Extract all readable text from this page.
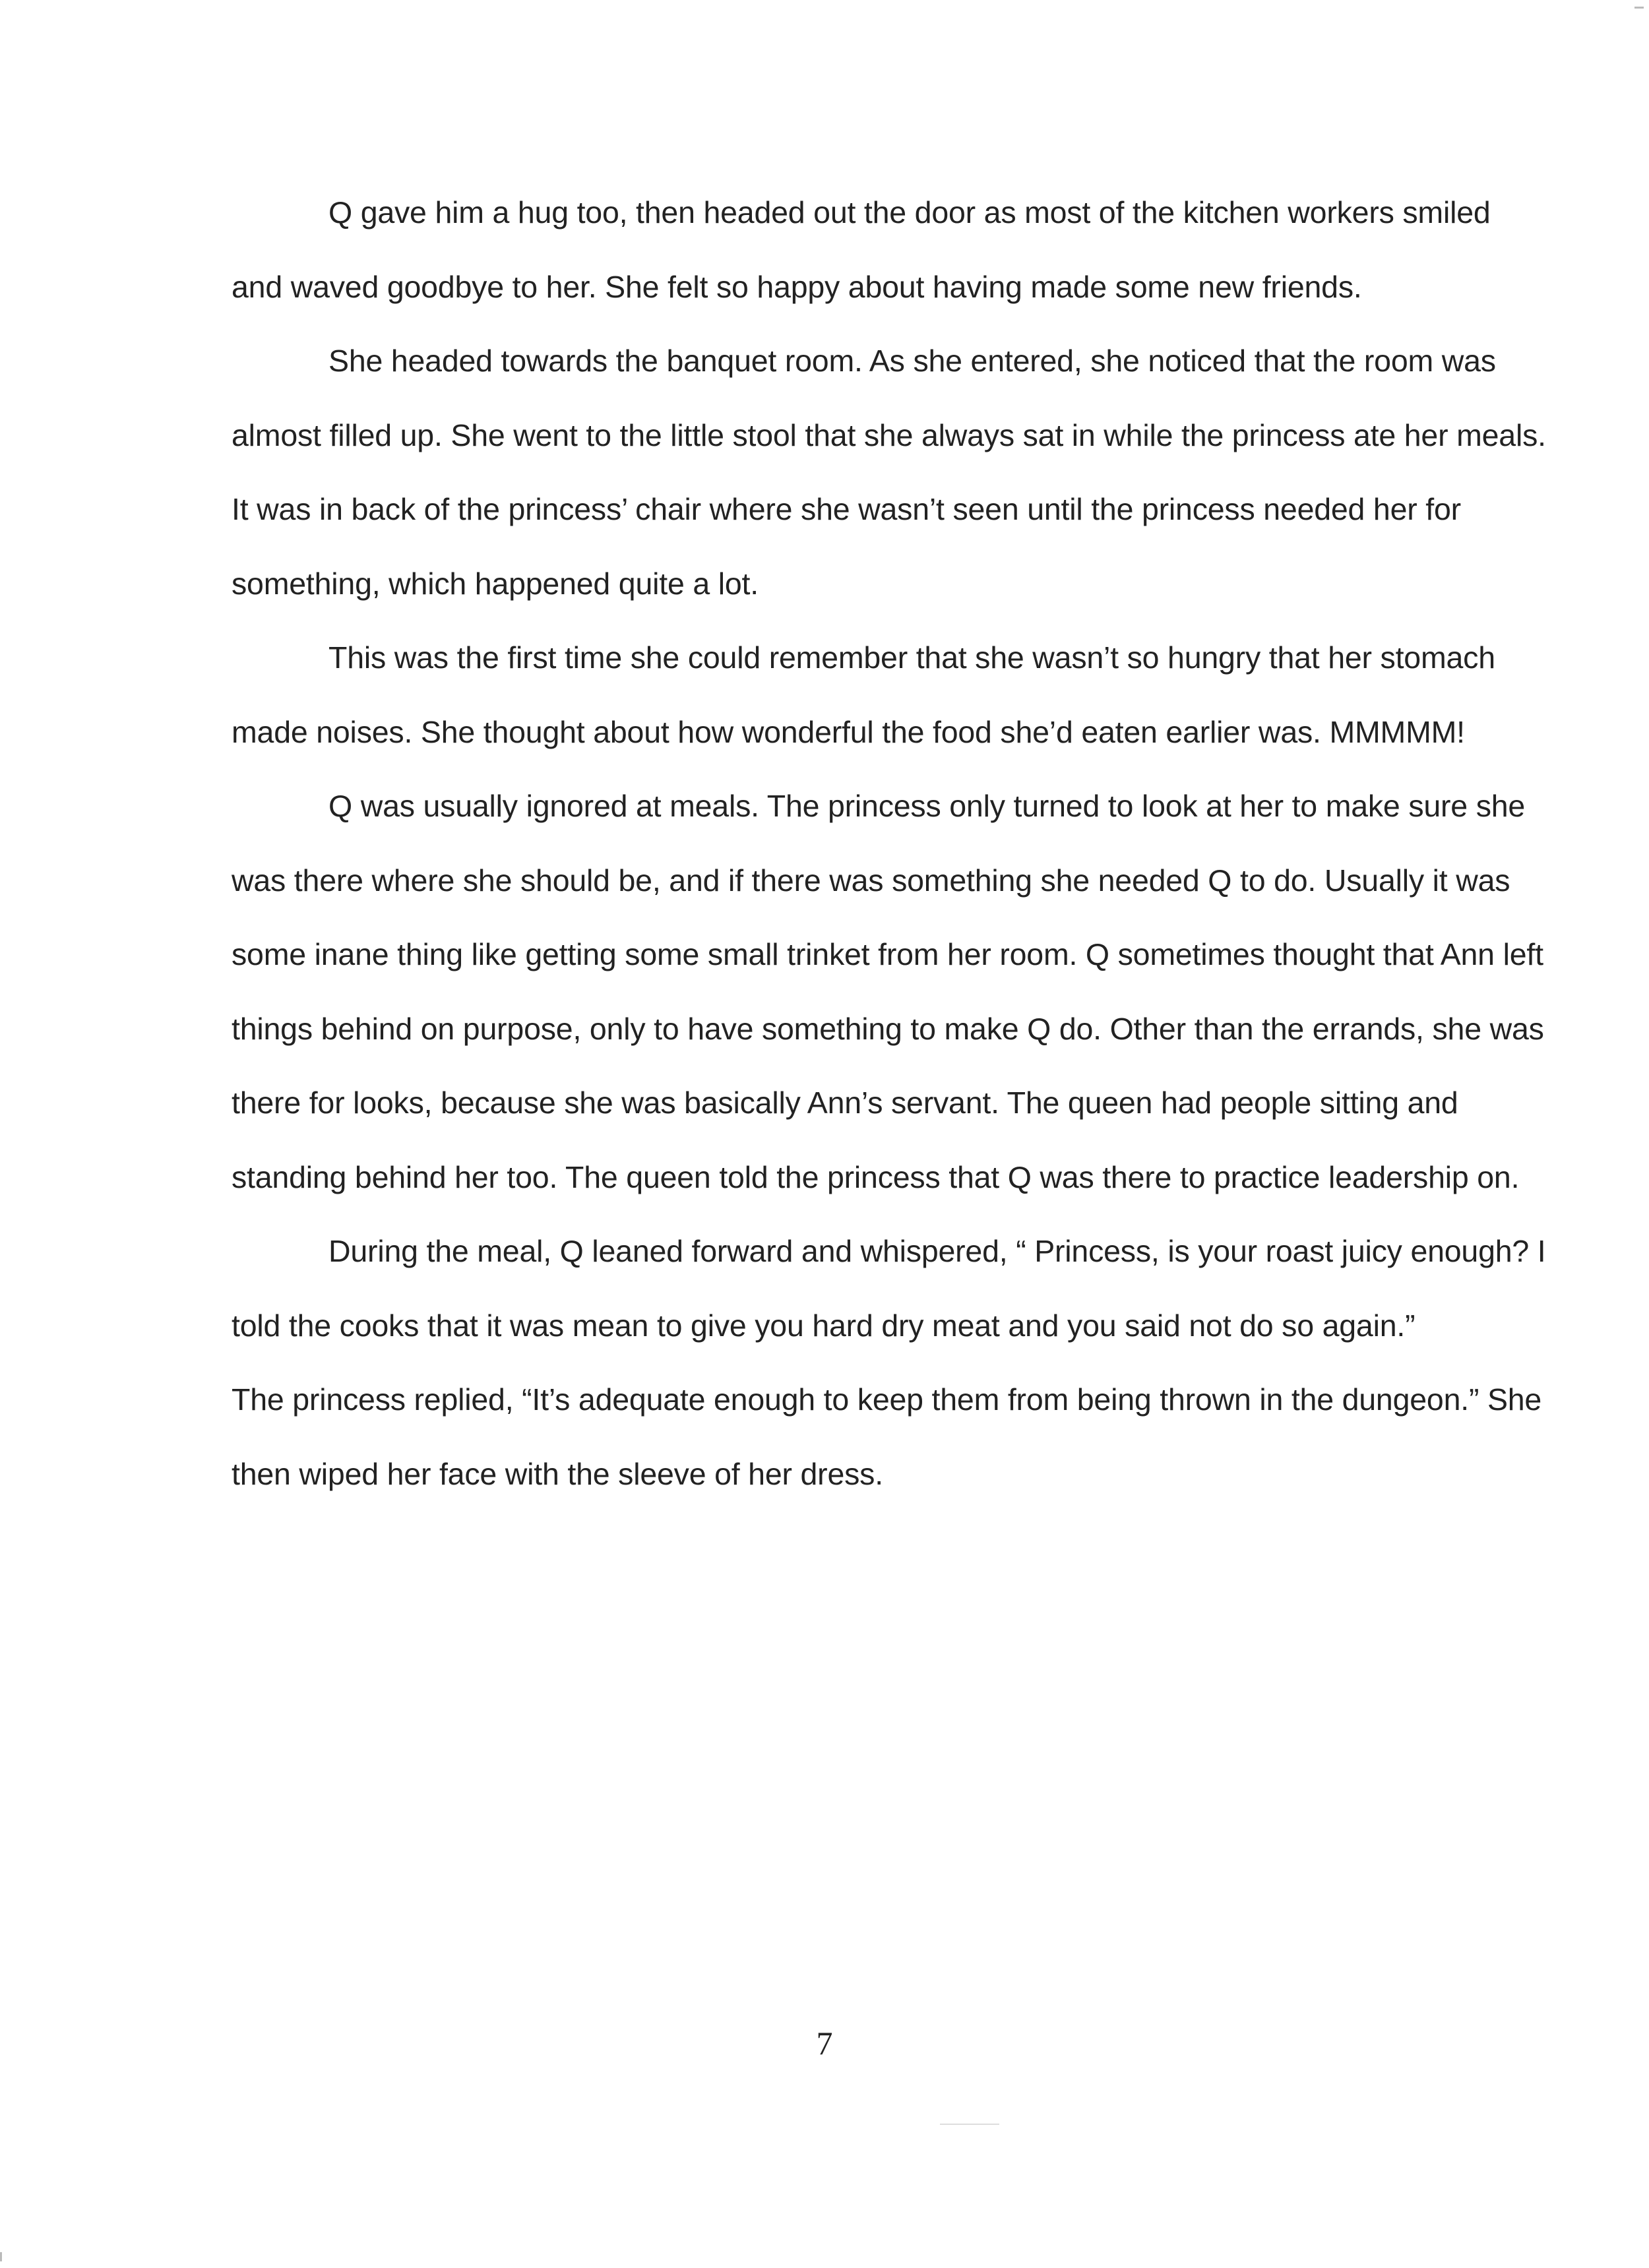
Q gave him a hug too, then headed out the door as most of the kitchen workers smiled and waved goodbye to her. She felt so happy about having made some new friends.

She headed towards the banquet room. As she entered, she noticed that the room was almost filled up. She went to the little stool that she always sat in while the princess ate her meals. It was in back of the princess’ chair where she wasn’t seen until the princess needed her for something, which happened quite a lot.

This was the first time she could remember that she wasn’t so hungry that her stomach made noises. She thought about how wonderful the food she’d eaten earlier was. MMMMM!

Q was usually ignored at meals. The princess only turned to look at her to make sure she was there where she should be, and if there was something she needed Q to do. Usually it was some inane thing like getting some small trinket from her room. Q sometimes thought that Ann left things behind on purpose, only to have something to make Q do. Other than the errands, she was there for looks, because she was basically Ann’s servant. The queen had people sitting and standing behind her too. The queen told the princess that Q was there to practice leadership on.

During the meal, Q leaned forward and whispered, “ Princess, is your roast juicy enough? I told the cooks that it was mean to give you hard dry meat and you said not do so again.”

The princess replied, “It’s adequate enough to keep them from being thrown in the dungeon.” She then wiped her face with the sleeve of her dress.

7
